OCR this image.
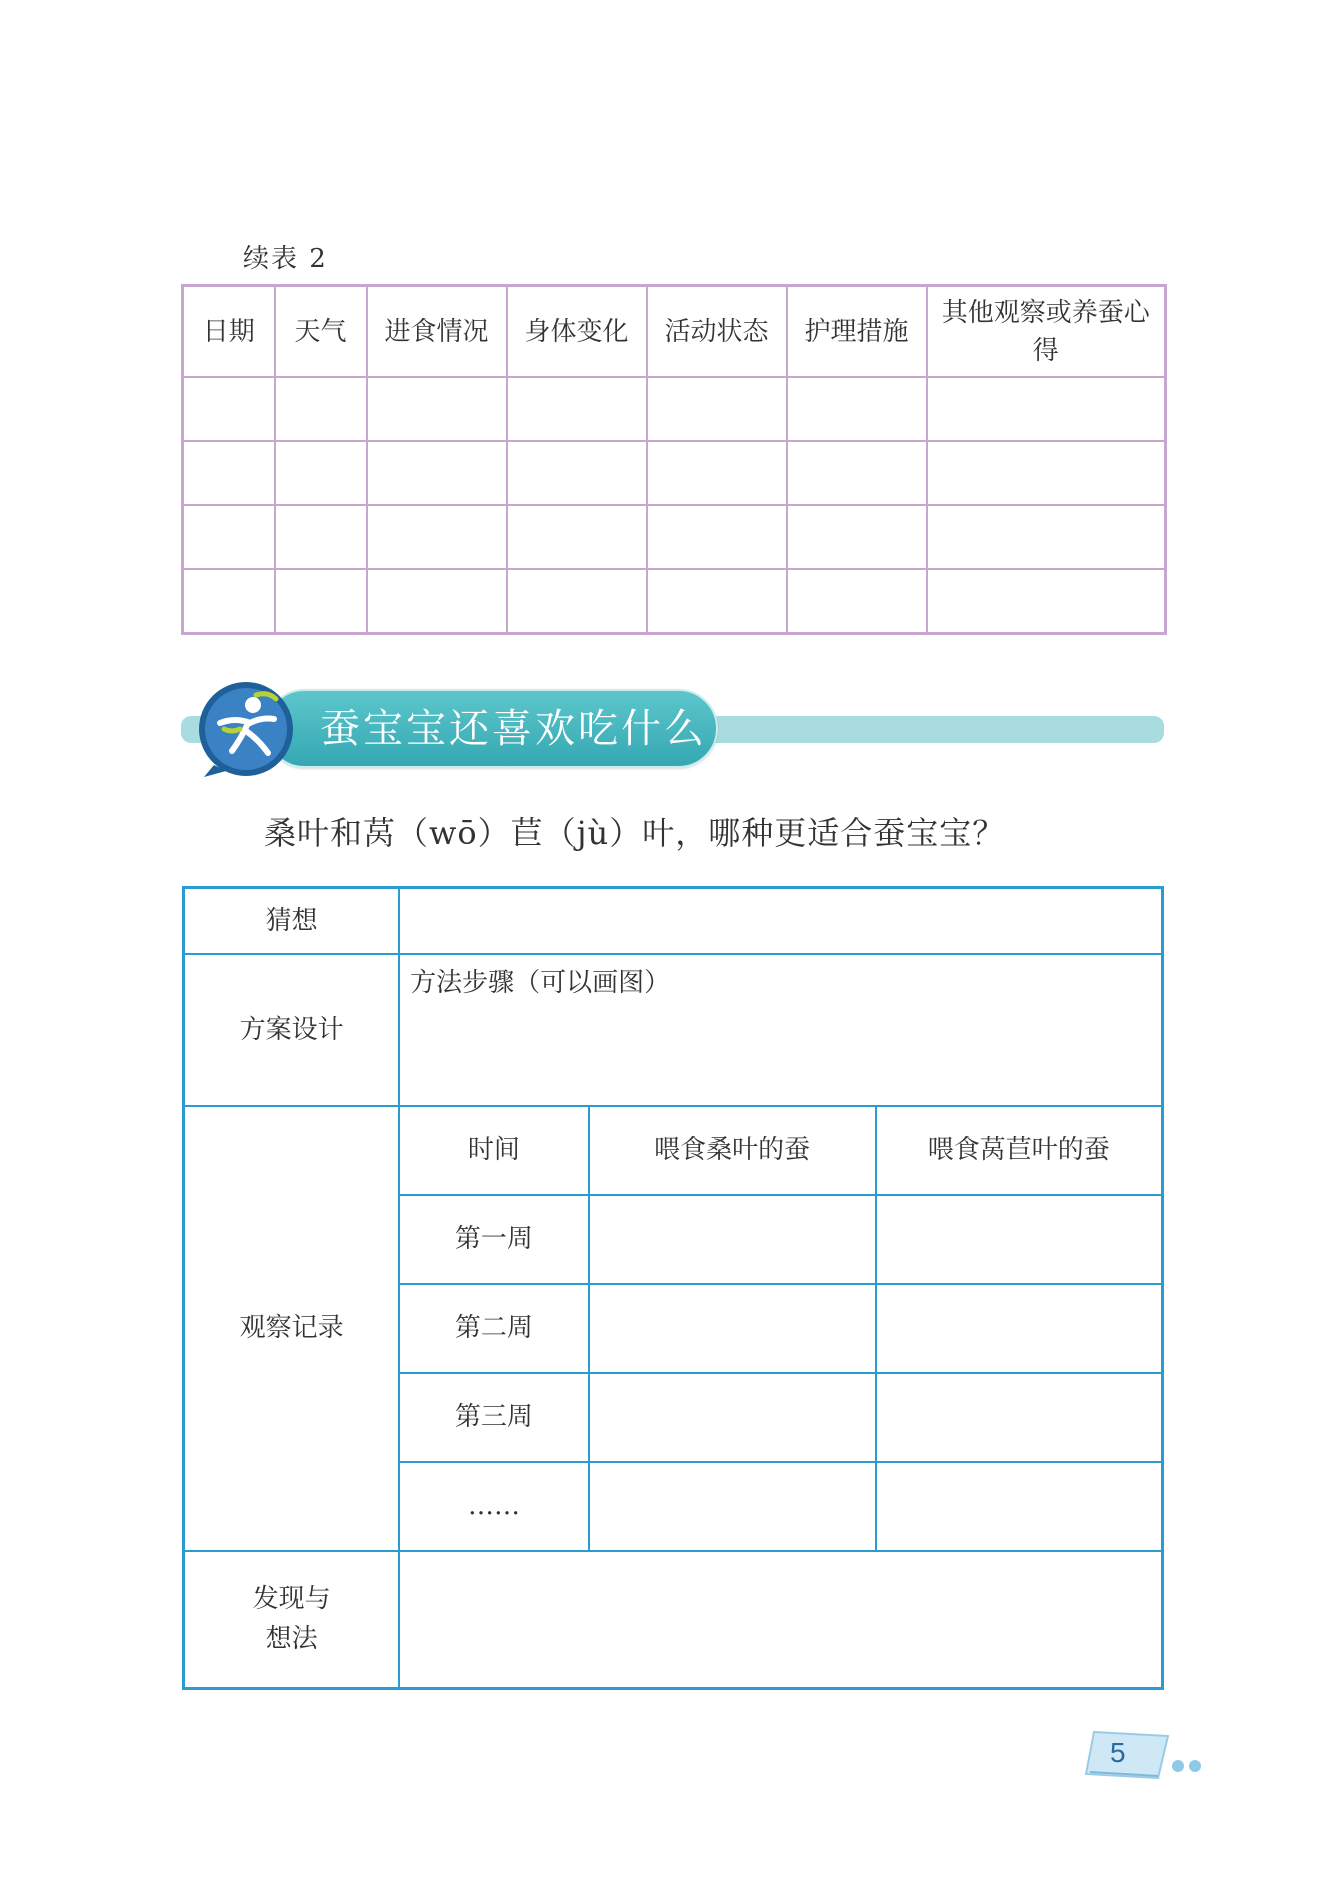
续表 2
日期	天气	进食情况	身体变化	活动状态	护理措施	其他观察或养蚕心得

蚕宝宝还喜欢吃什么
桑叶和莴（wō）苣（jù）叶，哪种更适合蚕宝宝？
猜想			
方案设计	方法步骤（可以画图）		
观察记录	时间	喂食桑叶的蚕	喂食莴苣叶的蚕
	第一周		
	第二周		
	第三周		
	……		

发现与
想法			

5
